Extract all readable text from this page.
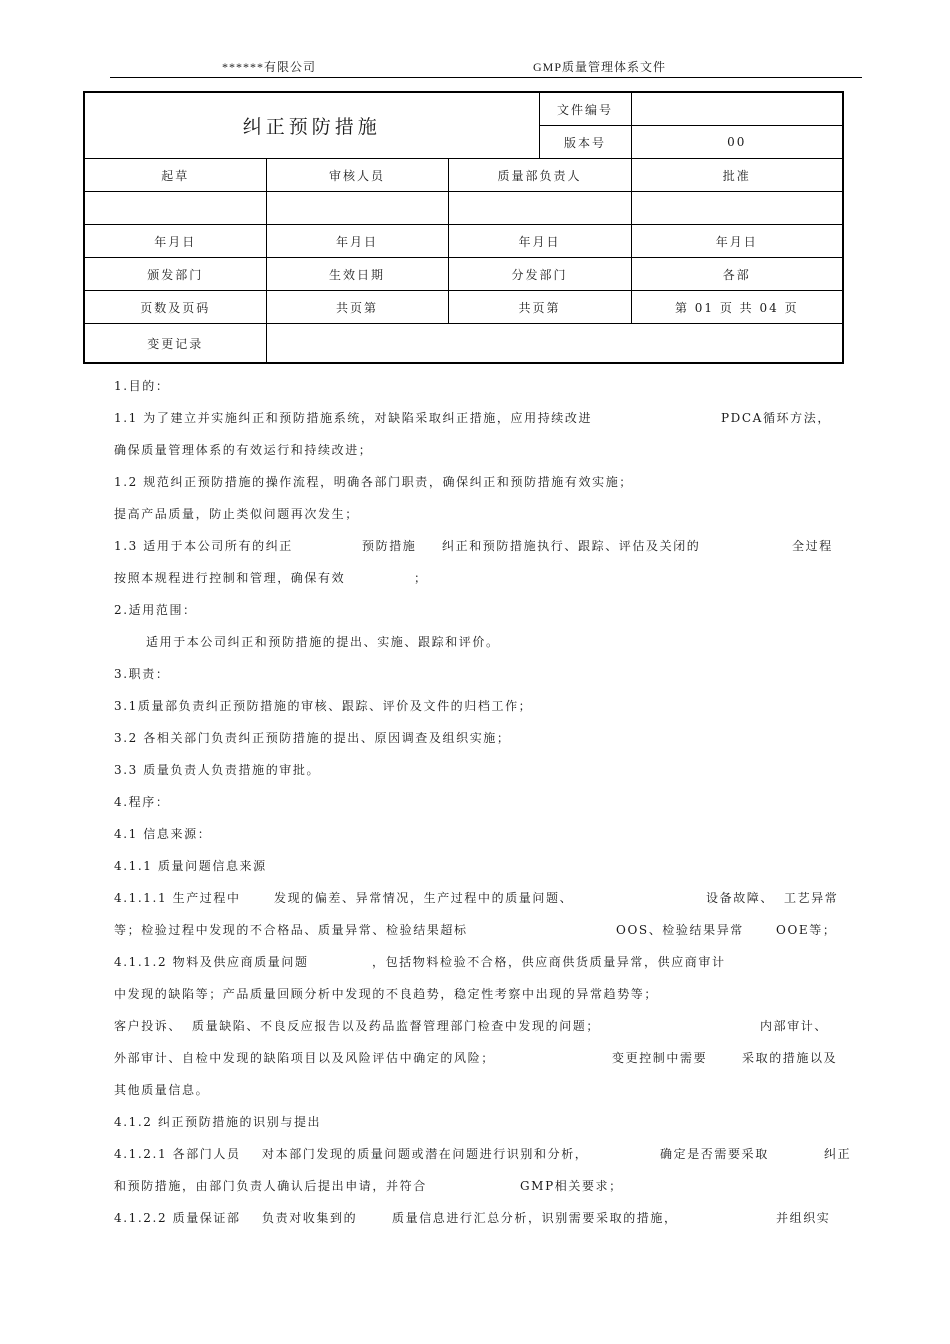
******有限公司	GMP质量管理体系文件
纠正预防措施			文件编号	
			版本号	00
起草	审核人员	质量部负责人		批准

年月日	年月日	年月日		年月日
颁发部门	生效日期	分发部门		各部
页数及页码	共页第	共页第		第 01 页 共 04 页
变更记录				
1.目的：
1.1 为了建立并实施纠正和预防措施系统，对缺陷采取纠正措施，应用持续改进	PDCA循环方法，
确保质量管理体系的有效运行和持续改进；
1.2 规范纠正预防措施的操作流程，明确各部门职责，确保纠正和预防措施有效实施；
提高产品质量，防止类似问题再次发生；
1.3 适用于本公司所有的纠正	预防措施 纠正和预防措施执行、跟踪、评估及关闭的	全过程
按照本规程进行控制和管理，确保有效	；
2.适用范围：
适用于本公司纠正和预防措施的提出、实施、跟踪和评价。
3.职责：
3.1质量部负责纠正预防措施的审核、跟踪、评价及文件的归档工作；
3.2 各相关部门负责纠正预防措施的提出、原因调查及组织实施；
3.3 质量负责人负责措施的审批。
4.程序：
4.1 信息来源：
4.1.1 质量问题信息来源
4.1.1.1 生产过程中	发现的偏差、异常情况，生产过程中的质量问题、	设备故障、 工艺异常
等；检验过程中发现的不合格品、质量异常、检验结果超标	OOS、检验结果异常	OOE等；
4.1.1.2 物料及供应商质量问题	，包括物料检验不合格，供应商供货质量异常，供应商审计
中发现的缺陷等；产品质量回顾分析中发现的不良趋势，稳定性考察中出现的异常趋势等；
客户投诉、 质量缺陷、不良反应报告以及药品监督管理部门检查中发现的问题；	内部审计、
外部审计、自检中发现的缺陷项目以及风险评估中确定的风险；	变更控制中需要	采取的措施以及
其他质量信息。
4.1.2 纠正预防措施的识别与提出
4.1.2.1 各部门人员 对本部门发现的质量问题或潜在问题进行识别和分析，	确定是否需要采取	纠正
和预防措施，由部门负责人确认后提出申请，并符合	GMP相关要求；
4.1.2.2 质量保证部 负责对收集到的	质量信息进行汇总分析，识别需要采取的措施，	并组织实
